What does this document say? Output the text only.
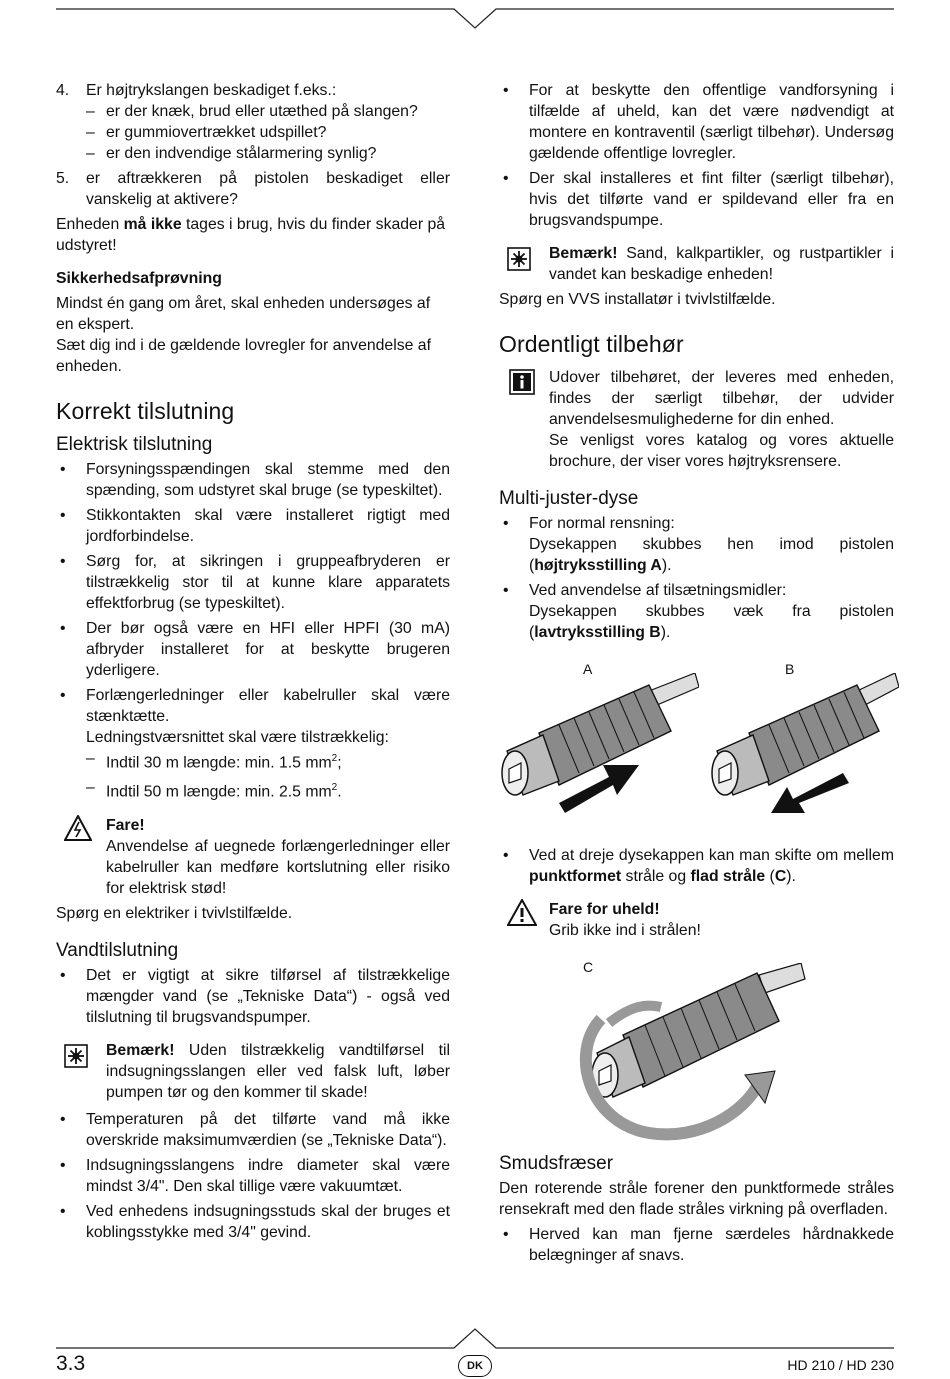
4. Er højtrykslangen beskadiget f.eks.:
– er der knæk, brud eller utæthed på slangen?
– er gummiovertrækket udspillet?
– er den indvendige stålarmering synlig?
5. er aftrækkeren på pistolen beskadiget eller vanskelig at aktivere?

Enheden må ikke tages i brug, hvis du finder skader på udstyret!

Sikkerhedsafprøvning

Mindst én gang om året, skal enheden undersøges af en ekspert.

Sæt dig ind i de gældende lovregler for anvendelse af enheden.

Korrekt tilslutning
Elektrisk tilslutning
• Forsyningsspændingen skal stemme med den spænding, som udstyret skal bruge (se typeskiltet).
• Stikkontakten skal være installeret rigtigt med jordforbindelse.
• Sørg for, at sikringen i gruppeafbryderen er tilstrækkelig stor til at kunne klare apparatets effektforbrug (se typeskiltet).
• Der bør også være en HFI eller HPFI (30 mA) afbryder installeret for at beskytte brugeren yderligere.
• Forlængerledninger eller kabelruller skal være stænktætte.

Ledningstværsnittet skal være tilstrækkelig:

– Indtil 30 m længde: min. 1.5 $mm^2$;
– Indtil 50 m længde: min. 2.5 $mm^2$.
Fare!
Anvendelse af uegnede forlængerledninger eller kabelruller kan medføre kortslutning eller risiko for elektrisk stød!

Spørg en elektriker i tvivlstilfælde.

Vandtilslutning
• Det er vigtigt at sikre tilførsel af tilstrækkelige mængder vand (se „Tekniske Data“) - også ved tilslutning til brugsvandspumper.
Bemærk! Uden tilstrækkelig vandtilførsel til indsugningsslangen eller ved falsk luft, løber pumpen tør og den kommer til skade!
• Temperaturen på det tilførte vand må ikke overskride maksimumværdien (se „Tekniske Data“).
• Indsugningsslangens indre diameter skal være mindst 3/4". Den skal tillige være vakuumtæt.
• Ved enhedens indsugningsstuds skal der bruges et koblingsstykke med 3/4" gevind.
• For at beskytte den offentlige vandforsyning i tilfælde af uheld, kan det være nødvendigt at montere en kontraventil (særligt tilbehør). Undersøg gældende offentlige lovregler.
• Der skal installeres et fint filter (særligt tilbehør), hvis det tilførte vand er spildevand eller fra en brugsvandspumpe.
Bemærk! Sand, kalkpartikler, og rustpartikler i vandet kan beskadige enheden!

Spørg en VVS installatør i tvivlstilfælde.

Ordentligt tilbehør
Udover tilbehøret, der leveres med enheden, findes der særligt tilbehør, der udvider anvendelsesmulighederne for din enhed.
Se venligst vores katalog og vores aktuelle brochure, der viser vores højtryksrensere.
Multi-juster-dyse
• For normal rensning:
Dysekappen skubbes hen imod pistolen (højtryksstilling A).
• Ved anvendelse af tilsætningsmidler:
Dysekappen skubbes væk fra pistolen (lavtryksstilling B).
A	B
• Ved at dreje dysekappen kan man skifte om mellem punktformet stråle og flad stråle (C).
Fare for uheld!
Grib ikke ind i strålen!
C
Smudsfræser

Den roterende stråle forener den punktformede stråles rensekraft med den flade stråles virkning på overfladen.

• Herved kan man fjerne særdeles hårdnakkede belægninger af snavs.
3.3	DK	HD 210 / HD 230
